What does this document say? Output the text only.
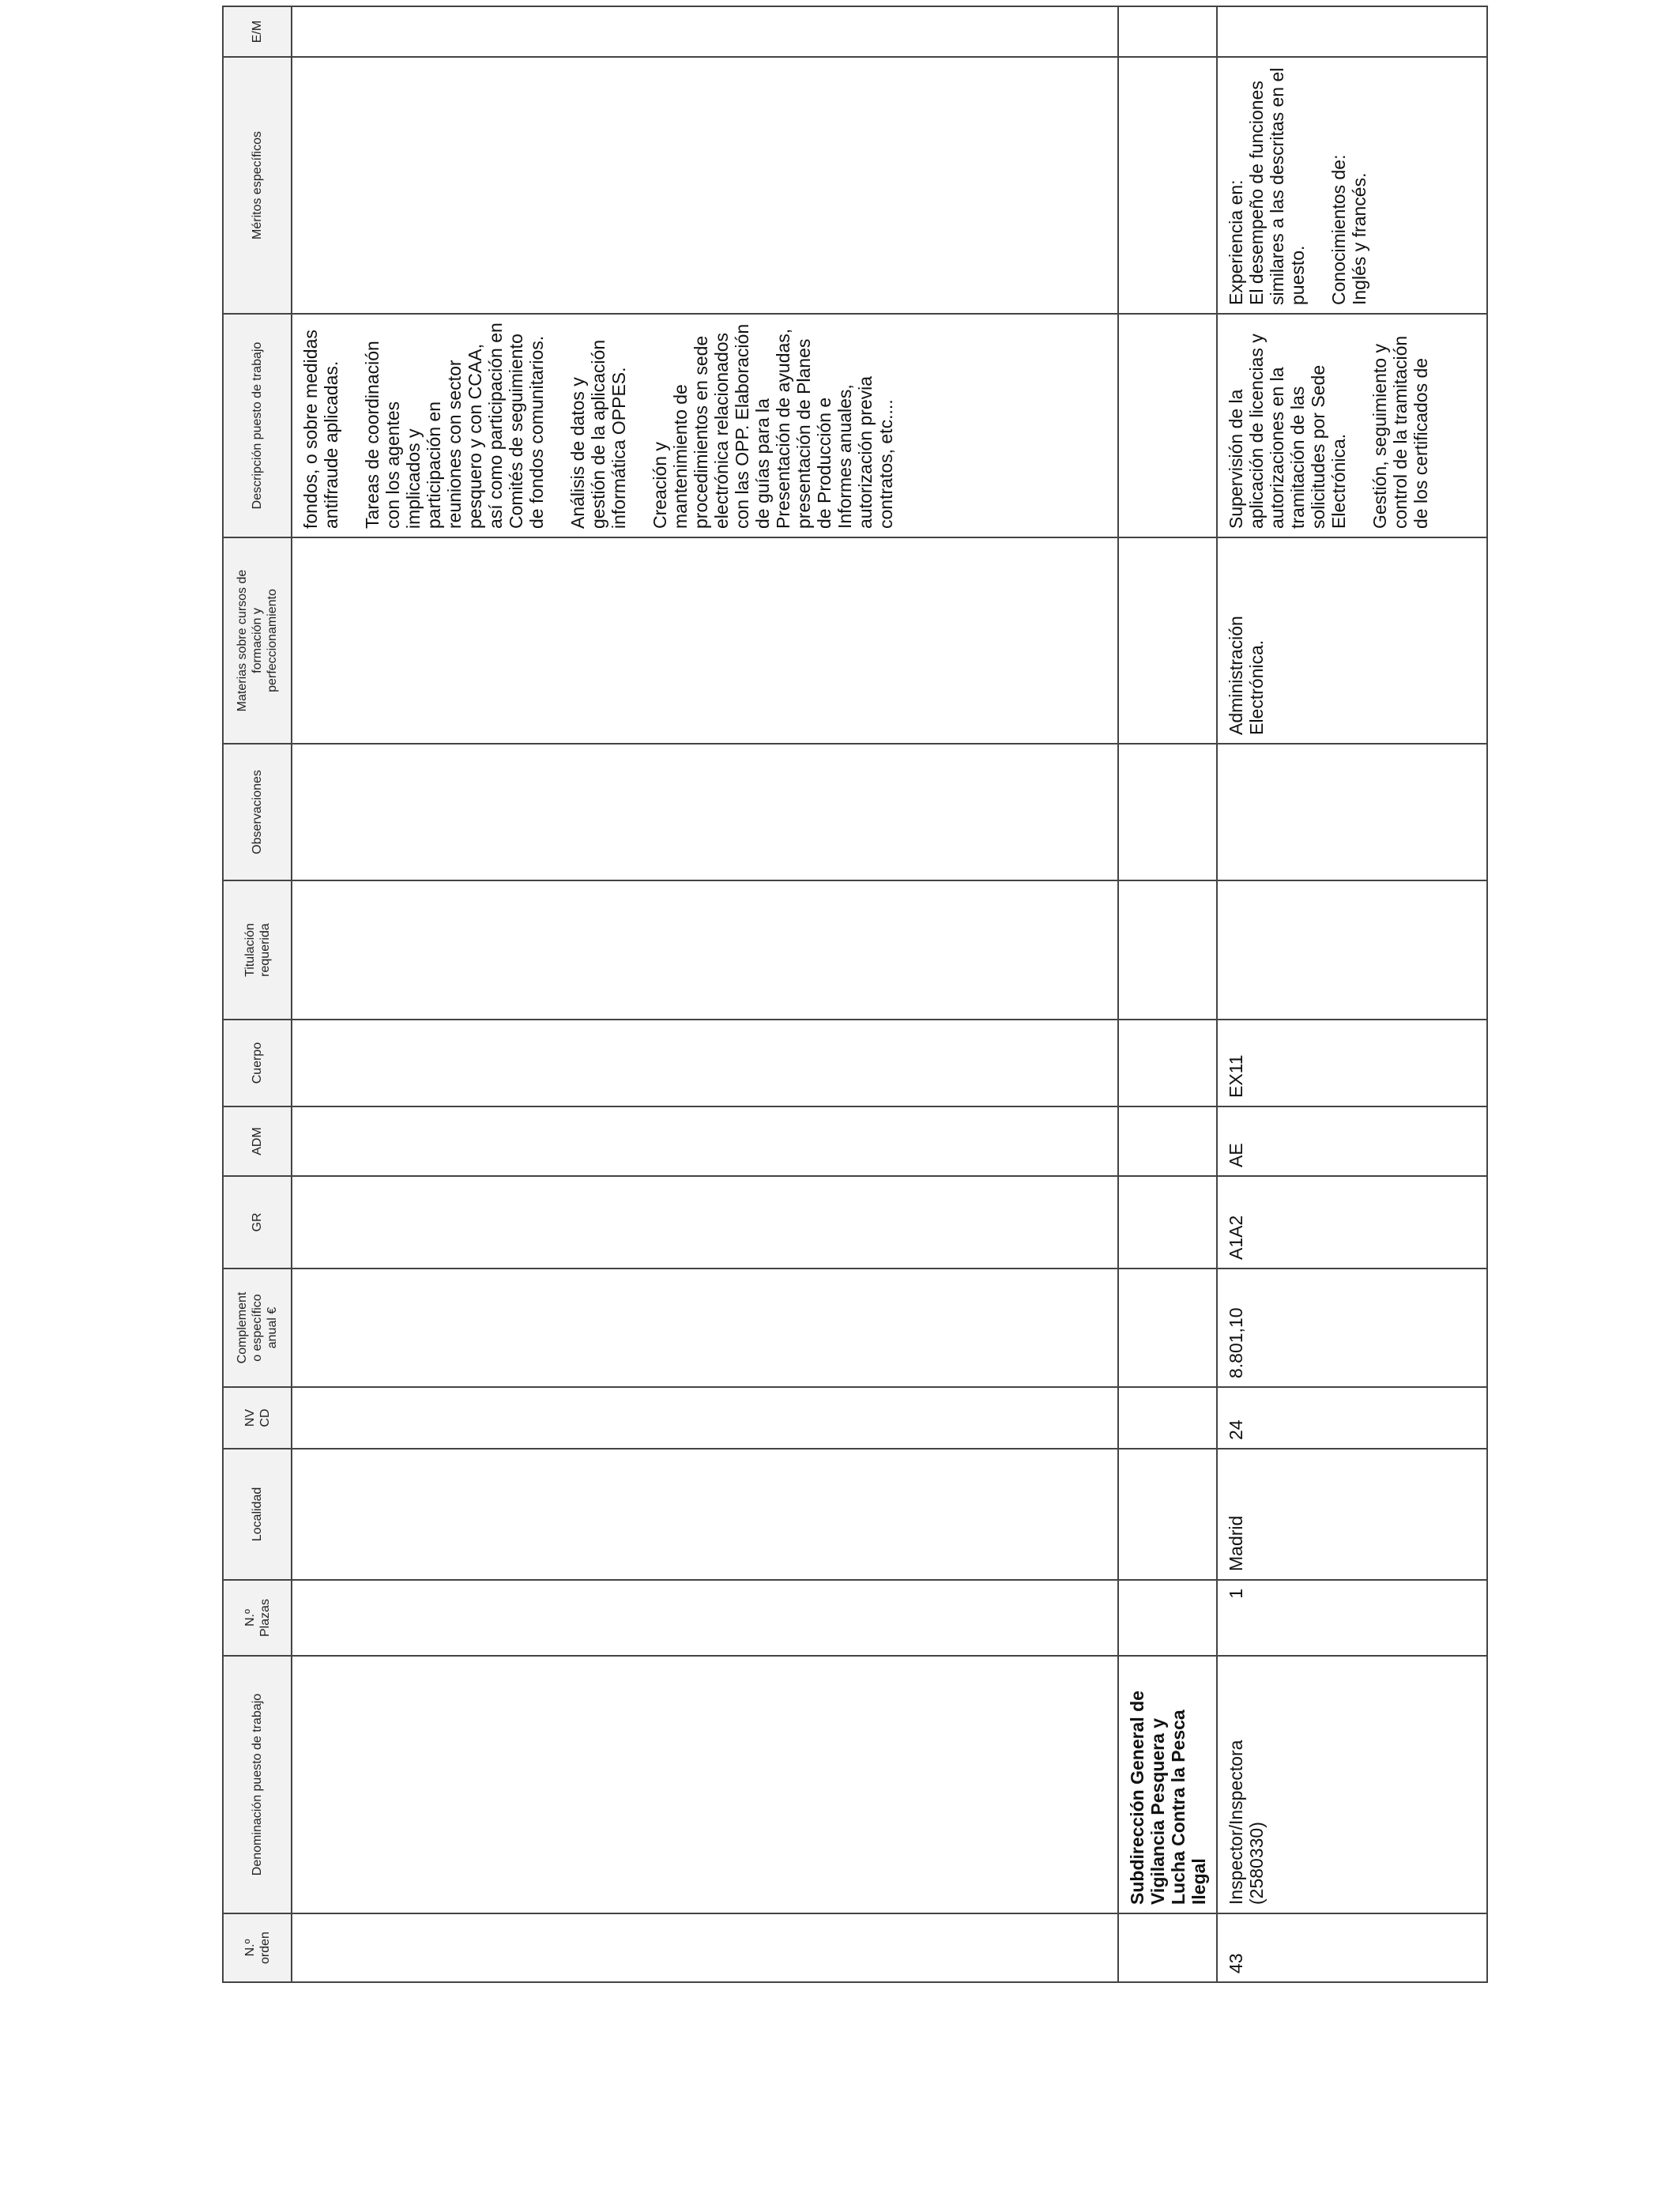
N.º
orden	Denominación puesto de trabajo	N.º
Plazas	Localidad	NV
CD	Complement
o específico
anual €	GR	ADM	Cuerpo	Titulación
requerida	Observaciones	Materias sobre cursos de
formación y
perfeccionamiento	Descripción puesto de trabajo	Méritos específicos	E/M

												fondos, o sobre medidas antifraude aplicadas. Tareas de coordinación con los agentes implicados y participación en reuniones con sector pesquero y con CCAA, así como participación en Comités de seguimiento de fondos comunitarios. Análisis de datos y gestión de la aplicación informática OPPES. Creación y mantenimiento de procedimientos en sede electrónica relacionados con las OPP. Elaboración de guías para la Presentación de ayudas, presentación de Planes de Producción e Informes anuales, autorización previa contratos, etc....		

	Subdirección General de Vigilancia Pesquera y Lucha Contra la Pesca Ilegal													

43	Inspector/Inspectora (2580330)	1	Madrid	24	8.801,10	A1A2	AE	EX11			Administración Electrónica.	Supervisión de la aplicación de licencias y autorizaciones en la tramitación de las solicitudes por Sede Electrónica. Gestión, seguimiento y control de la tramitación de los certificados de	Experiencia en:
El desempeño de funciones similares a las descritas en el puesto. Conocimientos de:
Inglés y francés.	
